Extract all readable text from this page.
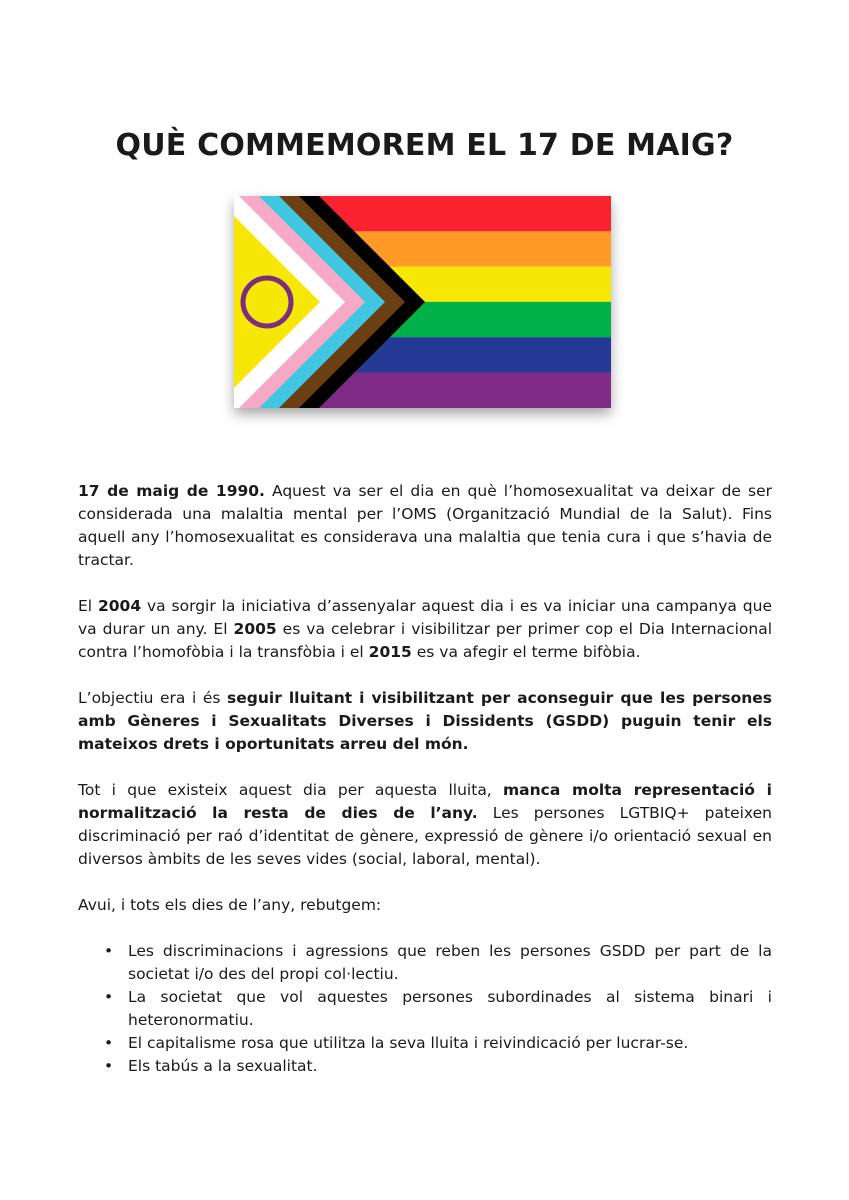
QUÈ COMMEMOREM EL 17 DE MAIG?

17 de maig de 1990. Aquest va ser el dia en què l’homosexualitat va deixar de ser considerada una malaltia mental per l’OMS (Organització Mundial de la Salut). Fins aquell any l’homosexualitat es considerava una malaltia que tenia cura i que s’havia de tractar.

El 2004 va sorgir la iniciativa d’assenyalar aquest dia i es va iniciar una campanya que va durar un any. El 2005 es va celebrar i visibilitzar per primer cop el Dia Internacional contra l’homofòbia i la transfòbia i el 2015 es va afegir el terme bifòbia.

L’objectiu era i és seguir lluitant i visibilitzant per aconseguir que les persones amb Gèneres i Sexualitats Diverses i Dissidents (GSDD) puguin tenir els mateixos drets i oportunitats arreu del món.

Tot i que existeix aquest dia per aquesta lluita, manca molta representació i normalització la resta de dies de l’any. Les persones LGTBIQ+ pateixen discriminació per raó d’identitat de gènere, expressió de gènere i/o orientació sexual en diversos àmbits de les seves vides (social, laboral, mental).

Avui, i tots els dies de l’any, rebutgem:

• Les discriminacions i agressions que reben les persones GSDD per part de la societat i/o des del propi col·lectiu.
• La societat que vol aquestes persones subordinades al sistema binari i heteronormatiu.
• El capitalisme rosa que utilitza la seva lluita i reivindicació per lucrar-se.
• Els tabús a la sexualitat.
